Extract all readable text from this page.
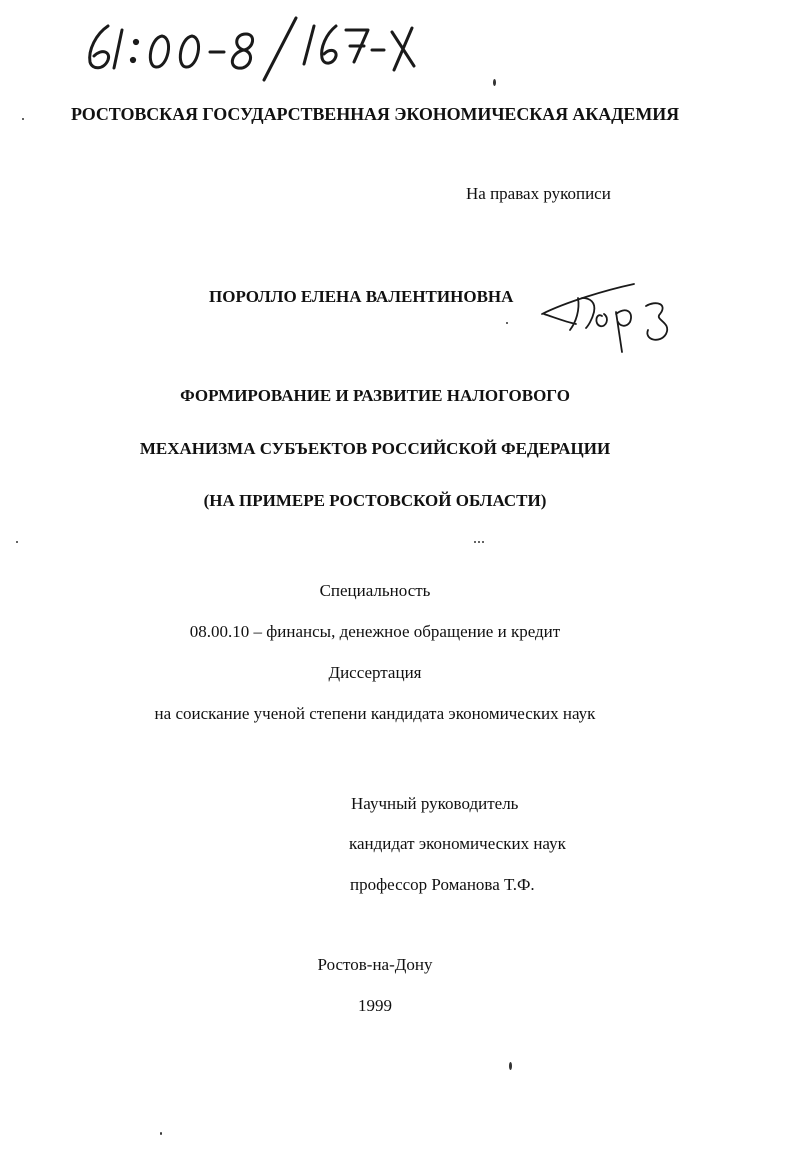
РОСТОВСКАЯ ГОСУДАРСТВЕННАЯ ЭКОНОМИЧЕСКАЯ АКАДЕМИЯ
На правах рукописи
ПОРОЛЛО ЕЛЕНА ВАЛЕНТИНОВНА
ФОРМИРОВАНИЕ И РАЗВИТИЕ НАЛОГОВОГО
МЕХАНИЗМА СУБЪЕКТОВ РОССИЙСКОЙ ФЕДЕРАЦИИ
(НА ПРИМЕРЕ РОСТОВСКОЙ ОБЛАСТИ)
Специальность
08.00.10 – финансы, денежное обращение и кредит
Диссертация
на соискание ученой степени кандидата экономических наук
Научный руководитель
кандидат экономических наук
профессор Романова Т.Ф.
Ростов-на-Дону
1999
